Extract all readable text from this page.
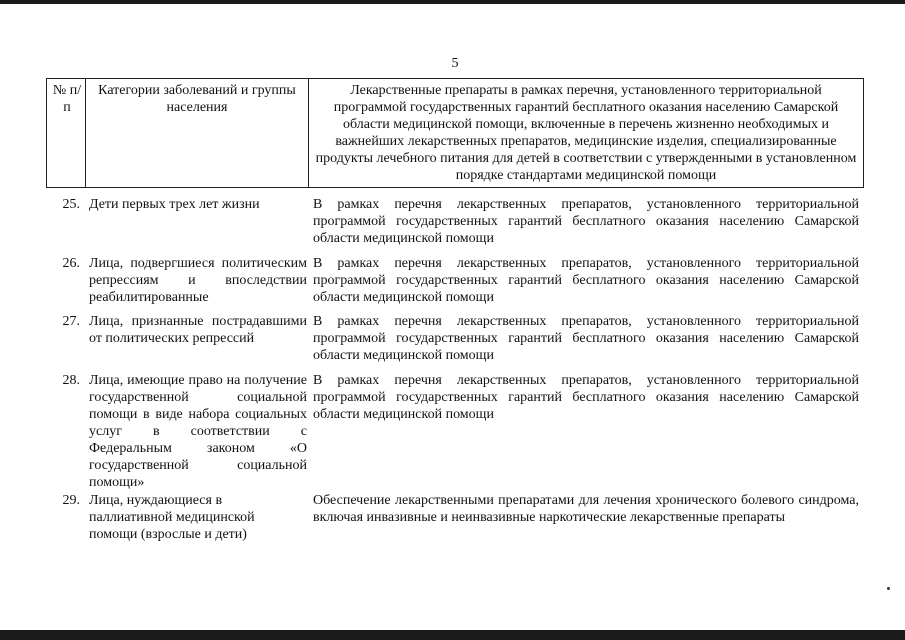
5
№ п/п
Категории заболеваний и группы населения
Лекарственные препараты в рамках перечня, установленного территориальной программой государственных гарантий бесплатного оказания населению Самарской области медицинской помощи, включенные в перечень жизненно необходимых и важнейших лекарственных препаратов, медицинские изделия, специализированные продукты лечебного питания для детей в соответствии с утвержденными в установленном порядке стандартами медицинской помощи
25. Дети первых трех лет жизни	В рамках перечня лекарственных препаратов, установленного территориальной программой государственных гарантий бесплатного оказания населению Самарской области медицинской помощи
26. Лица, подвергшиеся политическим репрессиям и впоследствии реабилитированные
В рамках перечня лекарственных препаратов, установленного территориальной программой государственных гарантий бесплатного оказания населению Самарской области медицинской помощи
27. Лица, признанные пострадавшими от политических репрессий
В рамках перечня лекарственных препаратов, установленного территориальной программой государственных гарантий бесплатного оказания населению Самарской области медицинской помощи
28. Лица, имеющие право на получение государственной социальной помощи в виде набора социальных услуг в соответствии с Федеральным законом «О государственной социальной помощи»
В рамках перечня лекарственных препаратов, установленного территориальной программой государственных гарантий бесплатного оказания населению Самарской области медицинской помощи
29. Лица, нуждающиеся в паллиативной медицинской помощи (взрослые и дети)
Обеспечение лекарственными препаратами для лечения хронического болевого синдрома, включая инвазивные и неинвазивные наркотические лекарственные препараты
